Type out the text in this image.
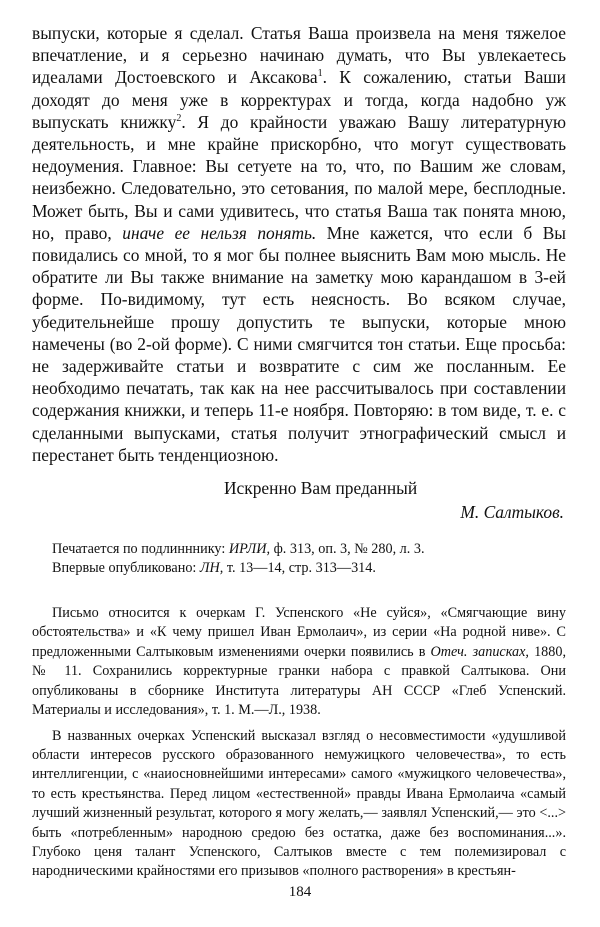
выпуски, которые я сделал. Статья Ваша произвела на меня тяжелое впечатление, и я серьезно начинаю думать, что Вы увлекаетесь идеалами Достоевского и Аксакова$^1$. К сожалению, статьи Ваши доходят до меня уже в корректурах и тогда, когда надобно уж выпускать книжку$^2$. Я до крайности уважаю Вашу литературную деятельность, и мне крайне прискорбно, что могут существовать недоумения. Главное: Вы сетуете на то, что, по Вашим же словам, неизбежно. Следовательно, это сетования, по малой мере, бесплодные. Может быть, Вы и сами удивитесь, что статья Ваша так понята мною, но, право, иначе ее нельзя понять. Мне кажется, что если б Вы повидались со мной, то я мог бы полнее выяснить Вам мою мысль. Не обратите ли Вы также внимание на заметку мою карандашом в 3-ей форме. По-видимому, тут есть неясность. Во всяком случае, убедительнейше прошу допустить те выпуски, которые мною намечены (во 2-ой форме). С ними смягчится тон статьи. Еще просьба: не задерживайте статьи и возвратите с сим же посланным. Ее необходимо печатать, так как на нее рассчитывалось при составлении содержания книжки, и теперь 11-е ноября. Повторяю: в том виде, т. е. с сделанными выпусками, статья получит этнографический смысл и перестанет быть тенденциозною.

Искренно Вам преданный
М. Салтыков.
Печатается по подлинннику: ИРЛИ, ф. 313, оп. 3, № 280, л. 3.
Впервые опубликовано: ЛН, т. 13—14, стр. 313—314.

Письмо относится к очеркам Г. Успенского «Не суйся», «Смягчающие вину обстоятельства» и «К чему пришел Иван Ермолаич», из серии «На родной ниве». С предложенными Салтыковым изменениями очерки появились в Отеч. записках, 1880, № 11. Сохранились корректурные гранки набора с правкой Салтыкова. Они опубликованы в сборнике Института литературы АН СССР «Глеб Успенский. Материалы и исследования», т. 1. М.—Л., 1938.

В названных очерках Успенский высказал взгляд о несовместимости «удушливой области интересов русского образованного немужицкого человечества», то есть интеллигенции, с «наиосновнейшими интересами» самого «мужицкого человечества», то есть крестьянства. Перед лицом «естественной» правды Ивана Ермолаича «самый лучший жизненный результат, которого я могу желать,— заявлял Успенский,— это <...> быть «потребленным» народною средою без остатка, даже без воспоминания...». Глубоко ценя талант Успенского, Салтыков вместе с тем полемизировал с народническими крайностями его призывов «полного растворения» в крестьян-

184
